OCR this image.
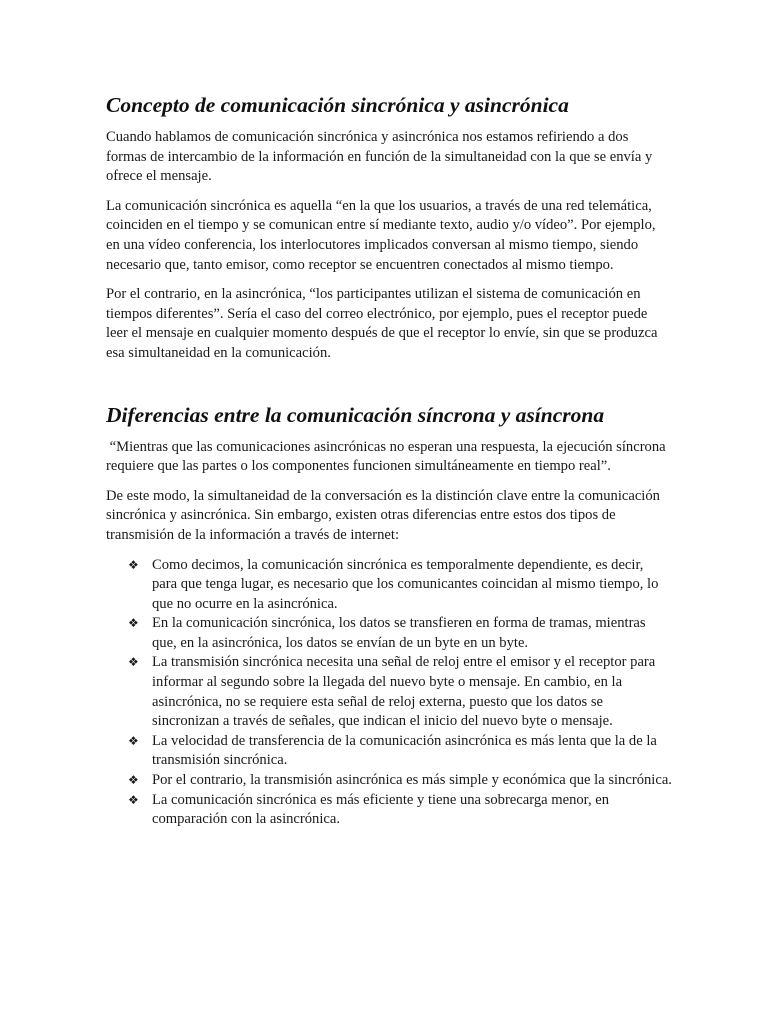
Concepto de comunicación sincrónica y asincrónica

Cuando hablamos de comunicación sincrónica y asincrónica nos estamos refiriendo a dos formas de intercambio de la información en función de la simultaneidad con la que se envía y ofrece el mensaje.

La comunicación sincrónica es aquella “en la que los usuarios, a través de una red telemática, coinciden en el tiempo y se comunican entre sí mediante texto, audio y/o vídeo”. Por ejemplo, en una vídeo conferencia, los interlocutores implicados conversan al mismo tiempo, siendo necesario que, tanto emisor, como receptor se encuentren conectados al mismo tiempo.

Por el contrario, en la asincrónica, “los participantes utilizan el sistema de comunicación en tiempos diferentes”. Sería el caso del correo electrónico, por ejemplo, pues el receptor puede leer el mensaje en cualquier momento después de que el receptor lo envíe, sin que se produzca esa simultaneidad en la comunicación.

Diferencias entre la comunicación síncrona y asíncrona

“Mientras que las comunicaciones asincrónicas no esperan una respuesta, la ejecución síncrona requiere que las partes o los componentes funcionen simultáneamente en tiempo real”.

De este modo, la simultaneidad de la conversación es la distinción clave entre la comunicación sincrónica y asincrónica. Sin embargo, existen otras diferencias entre estos dos tipos de transmisión de la información a través de internet:

❖ Como decimos, la comunicación sincrónica es temporalmente dependiente, es decir, para que tenga lugar, es necesario que los comunicantes coincidan al mismo tiempo, lo que no ocurre en la asincrónica.
❖ En la comunicación sincrónica, los datos se transfieren en forma de tramas, mientras que, en la asincrónica, los datos se envían de un byte en un byte.
❖ La transmisión sincrónica necesita una señal de reloj entre el emisor y el receptor para informar al segundo sobre la llegada del nuevo byte o mensaje. En cambio, en la asincrónica, no se requiere esta señal de reloj externa, puesto que los datos se sincronizan a través de señales, que indican el inicio del nuevo byte o mensaje.
❖ La velocidad de transferencia de la comunicación asincrónica es más lenta que la de la transmisión sincrónica.
❖ Por el contrario, la transmisión asincrónica es más simple y económica que la sincrónica.
❖ La comunicación sincrónica es más eficiente y tiene una sobrecarga menor, en comparación con la asincrónica.
